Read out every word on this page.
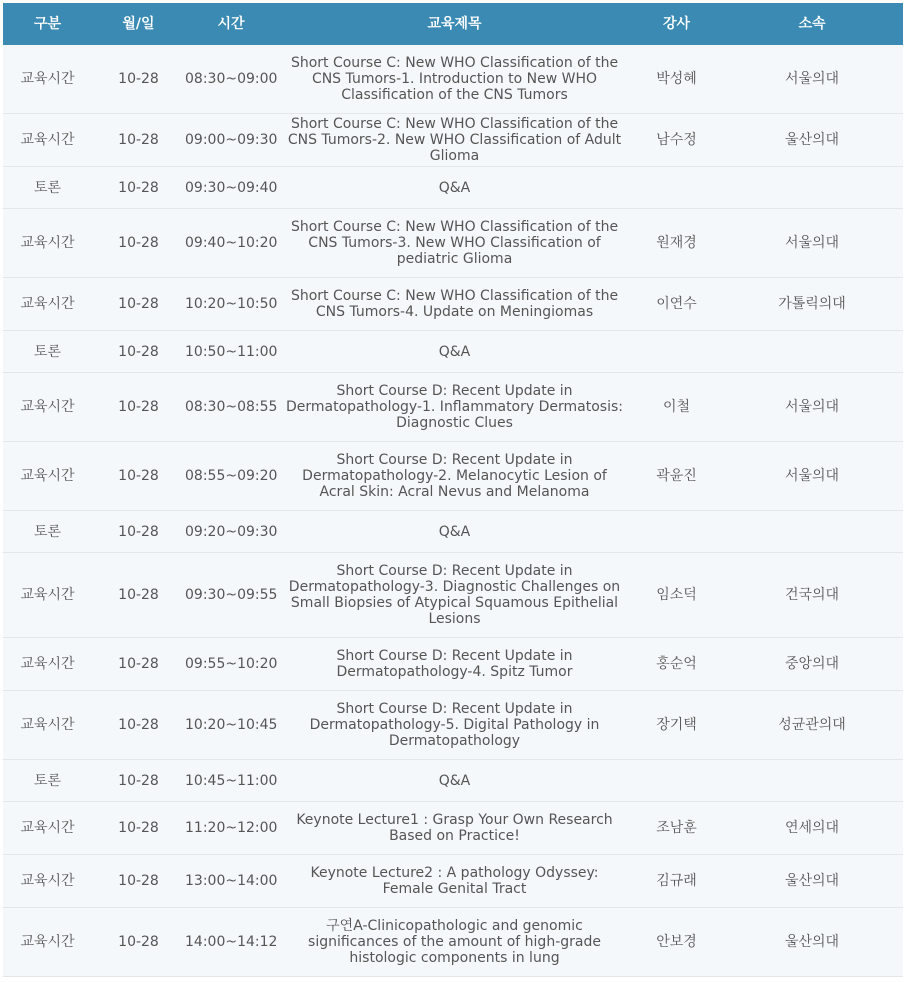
구분	월/일	시간	교육제목	강사	소속
교육시간	10-28	08:30~09:00	Short Course C: New WHO Classification of the CNS Tumors-1. Introduction to New WHO Classification of the CNS Tumors	박성혜	서울의대
교육시간	10-28	09:00~09:30	Short Course C: New WHO Classification of the CNS Tumors-2. New WHO Classification of Adult Glioma	남수정	울산의대
토론	10-28	09:30~09:40	Q&A		
교육시간	10-28	09:40~10:20	Short Course C: New WHO Classification of the CNS Tumors-3. New WHO Classification of pediatric Glioma	원재경	서울의대
교육시간	10-28	10:20~10:50	Short Course C: New WHO Classification of the CNS Tumors-4. Update on Meningiomas	이연수	가톨릭의대
토론	10-28	10:50~11:00	Q&A		
교육시간	10-28	08:30~08:55	Short Course D: Recent Update in Dermatopathology-1. Inflammatory Dermatosis: Diagnostic Clues	이철	서울의대
교육시간	10-28	08:55~09:20	Short Course D: Recent Update in Dermatopathology-2. Melanocytic Lesion of Acral Skin: Acral Nevus and Melanoma	곽윤진	서울의대
토론	10-28	09:20~09:30	Q&A		
교육시간	10-28	09:30~09:55	Short Course D: Recent Update in Dermatopathology-3. Diagnostic Challenges on Small Biopsies of Atypical Squamous Epithelial Lesions	임소덕	건국의대
교육시간	10-28	09:55~10:20	Short Course D: Recent Update in Dermatopathology-4. Spitz Tumor	홍순억	중앙의대
교육시간	10-28	10:20~10:45	Short Course D: Recent Update in Dermatopathology-5. Digital Pathology in Dermatopathology	장기택	성균관의대
토론	10-28	10:45~11:00	Q&A		
교육시간	10-28	11:20~12:00	Keynote Lecture1 : Grasp Your Own Research Based on Practice!	조남훈	연세의대
교육시간	10-28	13:00~14:00	Keynote Lecture2 : A pathology Odyssey: Female Genital Tract	김규래	울산의대
교육시간	10-28	14:00~14:12	구연A-Clinicopathologic and genomic significances of the amount of high-grade histologic components in lung	안보경	울산의대
